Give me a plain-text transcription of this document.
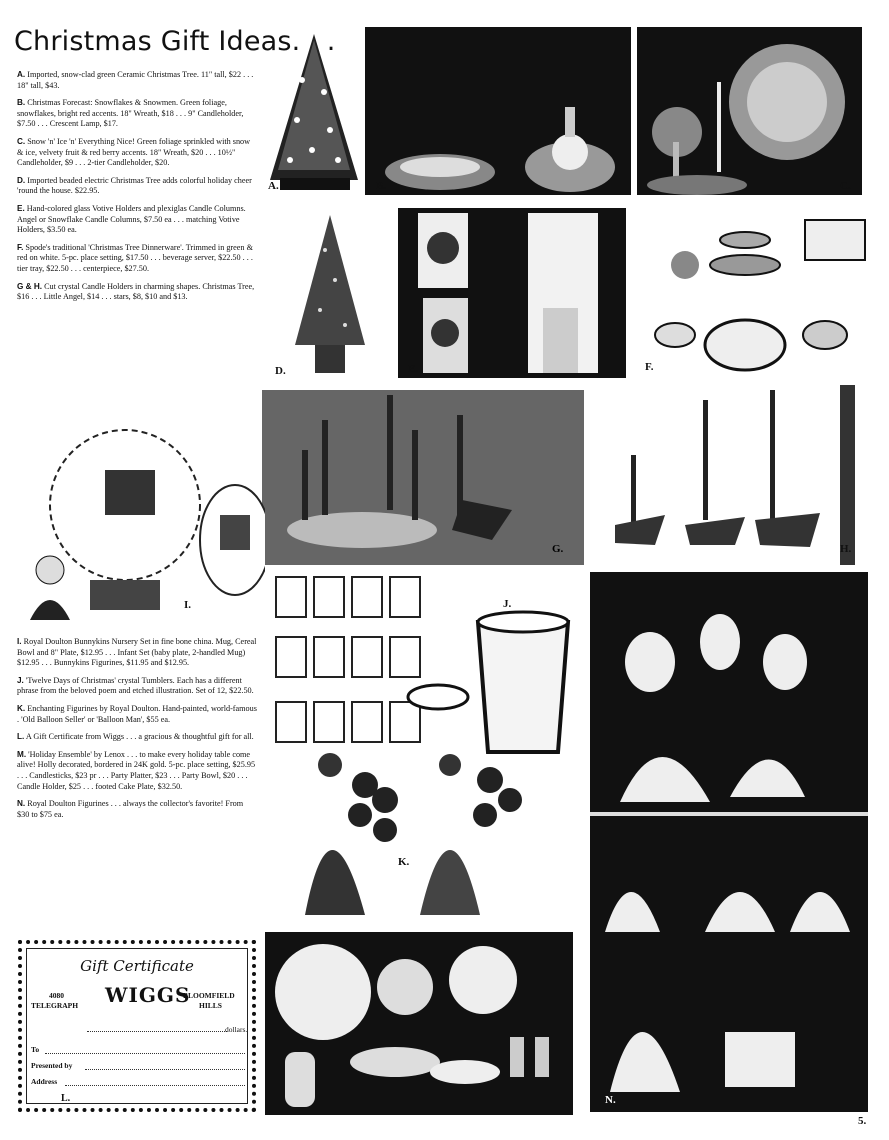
Christmas Gift Ideas. . .

A. Imported, snow-clad green Ceramic Christmas Tree. 11" tall, $22 . . . 18" tall, $43.

B. Christmas Forecast: Snowflakes & Snowmen. Green foliage, snowflakes, bright red accents. 18" Wreath, $18 . . . 9" Candleholder, $7.50 . . . Crescent Lamp, $17.

C. Snow 'n' Ice 'n' Everything Nice! Green foliage sprinkled with snow & ice, velvety fruit & red berry accents. 18" Wreath, $20 . . . 10½" Candleholder, $9 . . . 2-tier Candleholder, $20.

D. Imported beaded electric Christmas Tree adds colorful holiday cheer 'round the house. $22.95.

E. Hand-colored glass Votive Holders and plexiglas Candle Columns. Angel or Snowflake Candle Columns, $7.50 ea . . . matching Votive Holders, $3.50 ea.

F. Spode's traditional 'Christmas Tree Dinnerware'. Trimmed in green & red on white. 5-pc. place setting, $17.50 . . . beverage server, $22.50 . . . tier tray, $22.50 . . . centerpiece, $27.50.

G & H. Cut crystal Candle Holders in charming shapes. Christmas Tree, $16 . . . Little Angel, $14 . . . stars, $8, $10 and $13.

I. Royal Doulton Bunnykins Nursery Set in fine bone china. Mug, Cereal Bowl and 8" Plate, $12.95 . . . Infant Set (baby plate, 2-handled Mug) $12.95 . . . Bunnykins Figurines, $11.95 and $12.95.

J. 'Twelve Days of Christmas' crystal Tumblers. Each has a different phrase from the beloved poem and etched illustration. Set of 12, $22.50.

K. Enchanting Figurines by Royal Doulton. Hand-painted, world-famous . 'Old Balloon Seller' or 'Balloon Man', $55 ea.

L. A Gift Certificate from Wiggs . . . a gracious & thoughtful gift for all.

M. 'Holiday Ensemble' by Lenox . . . to make every holiday table come alive! Holly decorated, bordered in 24K gold. 5-pc. place setting, $25.95 . . . Candlesticks, $23 pr . . . Party Platter, $23 . . . Party Bowl, $20 . . . Candle Holder, $25 . . . footed Cake Plate, $32.50.

N. Royal Doulton Figurines . . . always the collector's favorite! From $30 to $75 ea.

A.	B.	C.
D.	E.	F.
G.	H.
I.	J.
K.
N.
Gift Certificate
WIGGS
4080
TELEGRAPH
BLOOMFIELD
HILLS
dollars.
To
Presented by
Address
L.
5.
